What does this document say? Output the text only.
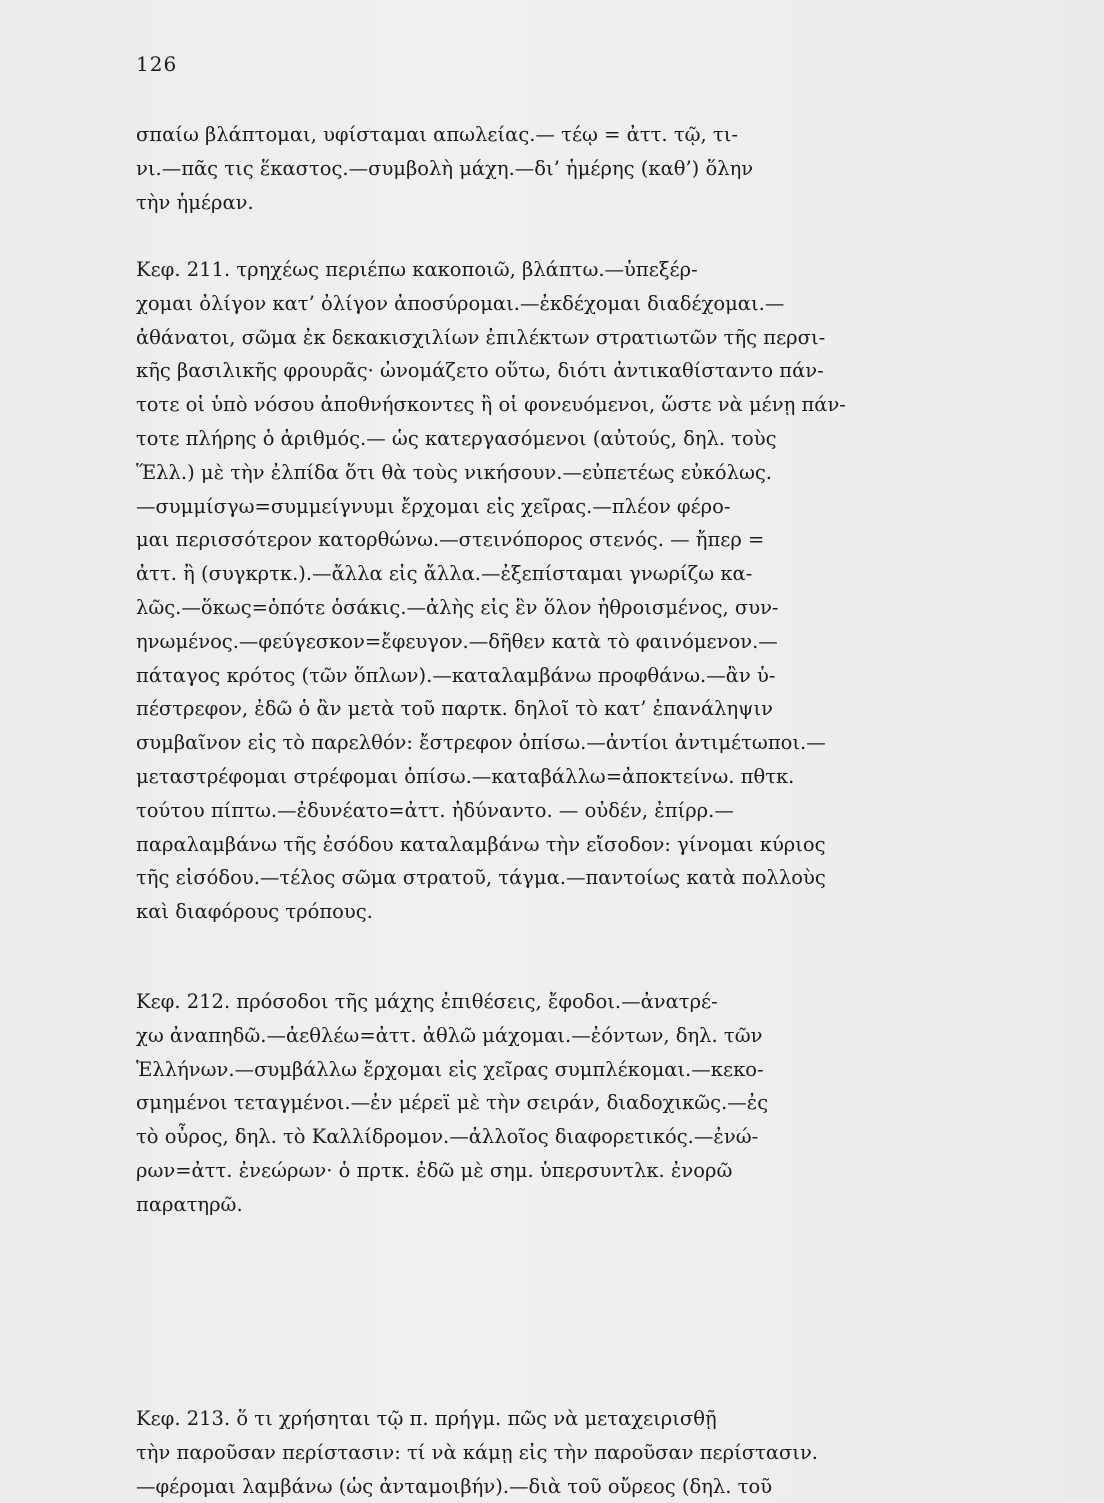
126
σπαίω βλάπτομαι, υφίσταμαι απωλείας.— τέῳ = ἀττ. τῷ, τι-
νι.—πᾶς τις ἕκαστος.—συμβολὴ μάχη.—δι’ ἡμέρης (καθ’) ὅλην
τὴν ἡμέραν.
Κεφ. 211. τρηχέως περιέπω κακοποιῶ, βλάπτω.—ὑπεξέρ-
χομαι ὀλίγον κατ’ ὀλίγον ἀποσύρομαι.—ἐκδέχομαι διαδέχομαι.—
ἀθάνατοι, σῶμα ἐκ δεκακισχιλίων ἐπιλέκτων στρατιωτῶν τῆς περσι-
κῆς βασιλικῆς φρουρᾶς· ὠνομάζετο οὕτω, διότι ἀντικαθίσταντο πάν-
τοτε οἱ ὑπὸ νόσου ἀποθνήσκοντες ἢ οἱ φονευόμενοι, ὥστε νὰ μένῃ πάν-
τοτε πλήρης ὁ ἀριθμός.— ὡς κατεργασόμενοι (αὐτούς, δηλ. τοὺς
Ἕλλ.) μὲ τὴν ἐλπίδα ὅτι θὰ τοὺς νικήσουν.—εὐπετέως εὐκόλως.
—συμμίσγω=συμμείγνυμι ἔρχομαι εἰς χεῖρας.—πλέον φέρο-
μαι περισσότερον κατορθώνω.—στεινόπορος στενός. — ἤπερ =
ἀττ. ἢ (συγκρτκ.).—ἄλλα εἰς ἄλλα.—ἐξεπίσταμαι γνωρίζω κα-
λῶς.—ὅκως=ὁπότε ὁσάκις.—ἀλὴς εἰς ἓν ὅλον ἠθροισμένος, συν-
ηνωμένος.—φεύγεσκον=ἔφευγον.—δῆθεν κατὰ τὸ φαινόμενον.—
πάταγος κρότος (τῶν ὅπλων).—καταλαμβάνω προφθάνω.—ἂν ὑ-
πέστρεφον, ἐδῶ ὁ ἂν μετὰ τοῦ παρτκ. δηλοῖ τὸ κατ’ ἐπανάληψιν
συμβαῖνον εἰς τὸ παρελθόν: ἔστρεφον ὀπίσω.—ἀντίοι ἀντιμέτωποι.—
μεταστρέφομαι στρέφομαι ὀπίσω.—καταβάλλω=ἀποκτείνω. πθτκ.
τούτου πίπτω.—ἐδυνέατο=ἀττ. ἠδύναντο. — οὐδέν, ἐπίρρ.—
παραλαμβάνω τῆς ἐσόδου καταλαμβάνω τὴν εἴσοδον: γίνομαι κύριος
τῆς εἰσόδου.—τέλος σῶμα στρατοῦ, τάγμα.—παντοίως κατὰ πολλοὺς
καὶ διαφόρους τρόπους.
Κεφ. 212. πρόσοδοι τῆς μάχης ἐπιθέσεις, ἔφοδοι.—ἀνατρέ-
χω ἀναπηδῶ.—ἀεθλέω=ἀττ. ἀθλῶ μάχομαι.—ἐόντων, δηλ. τῶν
Ἑλλήνων.—συμβάλλω ἔρχομαι εἰς χεῖρας συμπλέκομαι.—κεκο-
σμημένοι τεταγμένοι.—ἐν μέρεϊ μὲ τὴν σειράν, διαδοχικῶς.—ἐς
τὸ οὖρος, δηλ. τὸ Καλλίδρομον.—ἀλλοῖος διαφορετικός.—ἐνώ-
ρων=ἀττ. ἐνεώρων· ὁ πρτκ. ἐδῶ μὲ σημ. ὑπερσυντλκ. ἐνορῶ
παρατηρῶ.
Κεφ. 213. ὅ τι χρήσηται τῷ π. πρήγμ. πῶς νὰ μεταχειρισθῇ
τὴν παροῦσαν περίστασιν: τί νὰ κάμῃ εἰς τὴν παροῦσαν περίστασιν.
—φέρομαι λαμβάνω (ὡς ἀνταμοιβήν).—διὰ τοῦ οὔρεος (δηλ. τοῦ
